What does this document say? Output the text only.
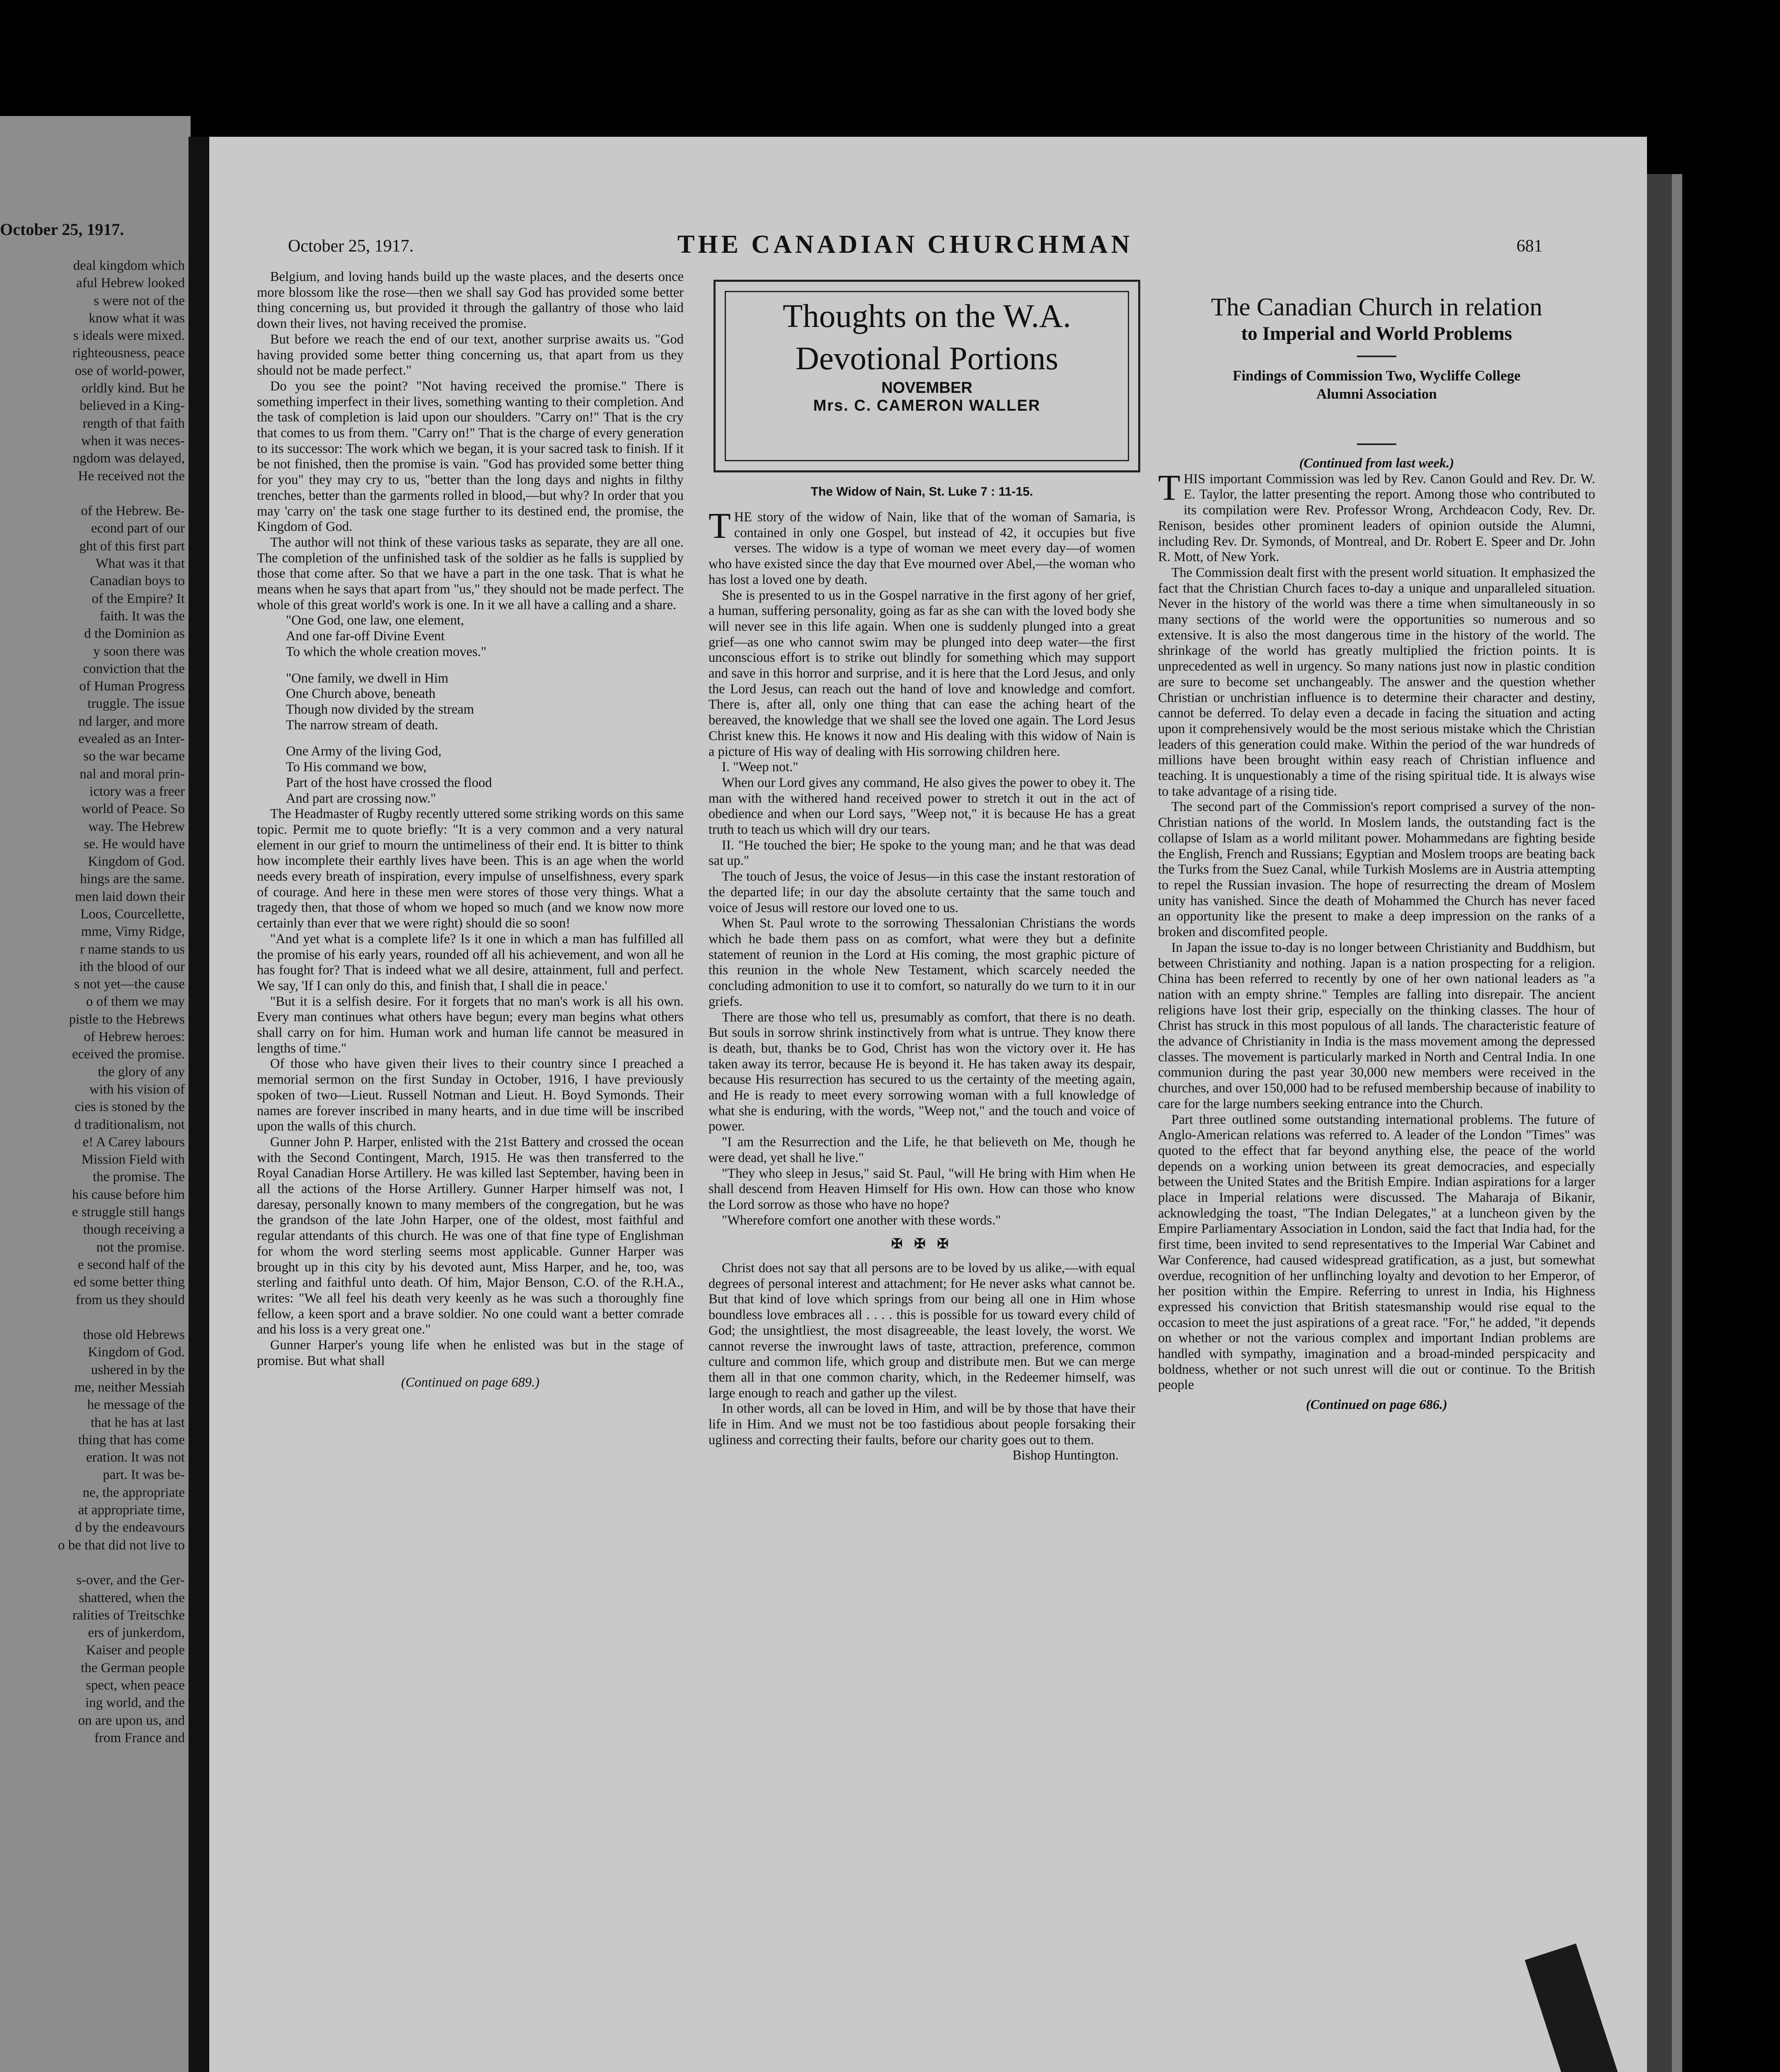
October 25, 1917.
deal kingdom which
aful Hebrew looked
s were not of the
know what it was
s ideals were mixed.
righteousness, peace
ose of world-power,
orldly kind. But he
believed in a King-
rength of that faith
when it was neces-
ngdom was delayed,
He received not the

of the Hebrew. Be-
econd part of our
ght of this first part
What was it that
Canadian boys to
of the Empire? It
faith. It was the
d the Dominion as
y soon there was
conviction that the
of Human Progress
truggle. The issue
nd larger, and more
evealed as an Inter-
so the war became
nal and moral prin-
ictory was a freer
world of Peace. So
way. The Hebrew
se. He would have
Kingdom of God.
hings are the same.
men laid down their
Loos, Courcellette,
mme, Vimy Ridge,
r name stands to us
ith the blood of our
s not yet—the cause
o of them we may
pistle to the Hebrews
of Hebrew heroes:
eceived the promise.
the glory of any
with his vision of
cies is stoned by the
d traditionalism, not
e! A Carey labours
Mission Field with
the promise. The
his cause before him
e struggle still hangs
though receiving a
not the promise.
e second half of the
ed some better thing
from us they should

those old Hebrews
Kingdom of God.
ushered in by the
me, neither Messiah
he message of the
that he has at last
thing that has come
eration. It was not
part. It was be-
ne, the appropriate
at appropriate time,
d by the endeavours
o be that did not live to

s-over, and the Ger-
shattered, when the
ralities of Treitschke
ers of junkerdom,
Kaiser and people
the German people
spect, when peace
ing world, and the
on are upon us, and
from France and
October 25, 1917.	THE CANADIAN CHURCHMAN	681

Belgium, and loving hands build up the waste places, and the deserts once more blossom like the rose—then we shall say God has provided some better thing concerning us, but provided it through the gallantry of those who laid down their lives, not having received the promise.

But before we reach the end of our text, another surprise awaits us. "God having provided some better thing concerning us, that apart from us they should not be made perfect."

Do you see the point? "Not having received the promise." There is something imperfect in their lives, something wanting to their completion. And the task of completion is laid upon our shoulders. "Carry on!" That is the cry that comes to us from them. "Carry on!" That is the charge of every generation to its successor: The work which we began, it is your sacred task to finish. If it be not finished, then the promise is vain. "God has provided some better thing for you" they may cry to us, "better than the long days and nights in filthy trenches, better than the garments rolled in blood,—but why? In order that you may 'carry on' the task one stage further to its destined end, the promise, the Kingdom of God.

The author will not think of these various tasks as separate, they are all one. The completion of the unfinished task of the soldier as he falls is supplied by those that come after. So that we have a part in the one task. That is what he means when he says that apart from "us," they should not be made perfect. The whole of this great world's work is one. In it we all have a calling and a share.

"One God, one law, one element,

And one far-off Divine Event

To which the whole creation moves."

"One family, we dwell in Him

One Church above, beneath

Though now divided by the stream

The narrow stream of death.

One Army of the living God,

To His command we bow,

Part of the host have crossed the flood

And part are crossing now."

The Headmaster of Rugby recently uttered some striking words on this same topic. Permit me to quote briefly: "It is a very common and a very natural element in our grief to mourn the untimeliness of their end. It is bitter to think how incomplete their earthly lives have been. This is an age when the world needs every breath of inspiration, every impulse of unselfishness, every spark of courage. And here in these men were stores of those very things. What a tragedy then, that those of whom we hoped so much (and we know now more certainly than ever that we were right) should die so soon!

"And yet what is a complete life? Is it one in which a man has fulfilled all the promise of his early years, rounded off all his achievement, and won all he has fought for? That is indeed what we all desire, attainment, full and perfect. We say, 'If I can only do this, and finish that, I shall die in peace.'

"But it is a selfish desire. For it forgets that no man's work is all his own. Every man continues what others have begun; every man begins what others shall carry on for him. Human work and human life cannot be measured in lengths of time."

Of those who have given their lives to their country since I preached a memorial sermon on the first Sunday in October, 1916, I have previously spoken of two—Lieut. Russell Notman and Lieut. H. Boyd Symonds. Their names are forever inscribed in many hearts, and in due time will be inscribed upon the walls of this church.

Gunner John P. Harper, enlisted with the 21st Battery and crossed the ocean with the Second Contingent, March, 1915. He was then transferred to the Royal Canadian Horse Artillery. He was killed last September, having been in all the actions of the Horse Artillery. Gunner Harper himself was not, I daresay, personally known to many members of the congregation, but he was the grandson of the late John Harper, one of the oldest, most faithful and regular attendants of this church. He was one of that fine type of Englishman for whom the word sterling seems most applicable. Gunner Harper was brought up in this city by his devoted aunt, Miss Harper, and he, too, was sterling and faithful unto death. Of him, Major Benson, C.O. of the R.H.A., writes: "We all feel his death very keenly as he was such a thoroughly fine fellow, a keen sport and a brave soldier. No one could want a better comrade and his loss is a very great one."

Gunner Harper's young life when he enlisted was but in the stage of promise. But what shall

(Continued on page 689.)

Thoughts on the W.A.
Devotional Portions
NOVEMBER
Mrs. C. CAMERON WALLER
The Widow of Nain, St. Luke 7 : 11-15.

THE story of the widow of Nain, like that of the woman of Samaria, is contained in only one Gospel, but instead of 42, it occupies but five verses. The widow is a type of woman we meet every day—of women who have existed since the day that Eve mourned over Abel,—the woman who has lost a loved one by death.

She is presented to us in the Gospel narrative in the first agony of her grief, a human, suffering personality, going as far as she can with the loved body she will never see in this life again. When one is suddenly plunged into a great grief—as one who cannot swim may be plunged into deep water—the first unconscious effort is to strike out blindly for something which may support and save in this horror and surprise, and it is here that the Lord Jesus, and only the Lord Jesus, can reach out the hand of love and knowledge and comfort. There is, after all, only one thing that can ease the aching heart of the bereaved, the knowledge that we shall see the loved one again. The Lord Jesus Christ knew this. He knows it now and His dealing with this widow of Nain is a picture of His way of dealing with His sorrowing children here.

I. "Weep not."

When our Lord gives any command, He also gives the power to obey it. The man with the withered hand received power to stretch it out in the act of obedience and when our Lord says, "Weep not," it is because He has a great truth to teach us which will dry our tears.

II. "He touched the bier; He spoke to the young man; and he that was dead sat up."

The touch of Jesus, the voice of Jesus—in this case the instant restoration of the departed life; in our day the absolute certainty that the same touch and voice of Jesus will restore our loved one to us.

When St. Paul wrote to the sorrowing Thessalonian Christians the words which he bade them pass on as comfort, what were they but a definite statement of reunion in the Lord at His coming, the most graphic picture of this reunion in the whole New Testament, which scarcely needed the concluding admonition to use it to comfort, so naturally do we turn to it in our griefs.

There are those who tell us, presumably as comfort, that there is no death. But souls in sorrow shrink instinctively from what is untrue. They know there is death, but, thanks be to God, Christ has won the victory over it. He has taken away its terror, because He is beyond it. He has taken away its despair, because His resurrection has secured to us the certainty of the meeting again, and He is ready to meet every sorrowing woman with a full knowledge of what she is enduring, with the words, "Weep not," and the touch and voice of power.

"I am the Resurrection and the Life, he that believeth on Me, though he were dead, yet shall he live."

"They who sleep in Jesus," said St. Paul, "will He bring with Him when He shall descend from Heaven Himself for His own. How can those who know the Lord sorrow as those who have no hope?

"Wherefore comfort one another with these words."

✠ ✠ ✠

Christ does not say that all persons are to be loved by us alike,—with equal degrees of personal interest and attachment; for He never asks what cannot be. But that kind of love which springs from our being all one in Him whose boundless love embraces all . . . . this is possible for us toward every child of God; the unsightliest, the most disagreeable, the least lovely, the worst. We cannot reverse the inwrought laws of taste, attraction, preference, common culture and common life, which group and distribute men. But we can merge them all in that one common charity, which, in the Redeemer himself, was large enough to reach and gather up the vilest.

In other words, all can be loved in Him, and will be by those that have their life in Him. And we must not be too fastidious about people forsaking their ugliness and correcting their faults, before our charity goes out to them.

Bishop Huntington.

The Canadian Church in relation
to Imperial and World Problems
Findings of Commission Two, Wycliffe College
Alumni Association

(Continued from last week.)

THIS important Commission was led by Rev. Canon Gould and Rev. Dr. W. E. Taylor, the latter presenting the report. Among those who contributed to its compilation were Rev. Professor Wrong, Archdeacon Cody, Rev. Dr. Renison, besides other prominent leaders of opinion outside the Alumni, including Rev. Dr. Symonds, of Montreal, and Dr. Robert E. Speer and Dr. John R. Mott, of New York.

The Commission dealt first with the present world situation. It emphasized the fact that the Christian Church faces to-day a unique and unparalleled situation. Never in the history of the world was there a time when simultaneously in so many sections of the world were the opportunities so numerous and so extensive. It is also the most dangerous time in the history of the world. The shrinkage of the world has greatly multiplied the friction points. It is unprecedented as well in urgency. So many nations just now in plastic condition are sure to become set unchangeably. The answer and the question whether Christian or unchristian influence is to determine their character and destiny, cannot be deferred. To delay even a decade in facing the situation and acting upon it comprehensively would be the most serious mistake which the Christian leaders of this generation could make. Within the period of the war hundreds of millions have been brought within easy reach of Christian influence and teaching. It is unquestionably a time of the rising spiritual tide. It is always wise to take advantage of a rising tide.

The second part of the Commission's report comprised a survey of the non-Christian nations of the world. In Moslem lands, the outstanding fact is the collapse of Islam as a world militant power. Mohammedans are fighting beside the English, French and Russians; Egyptian and Moslem troops are beating back the Turks from the Suez Canal, while Turkish Moslems are in Austria attempting to repel the Russian invasion. The hope of resurrecting the dream of Moslem unity has vanished. Since the death of Mohammed the Church has never faced an opportunity like the present to make a deep impression on the ranks of a broken and discomfited people.

In Japan the issue to-day is no longer between Christianity and Buddhism, but between Christianity and nothing. Japan is a nation prospecting for a religion. China has been referred to recently by one of her own national leaders as "a nation with an empty shrine." Temples are falling into disrepair. The ancient religions have lost their grip, especially on the thinking classes. The hour of Christ has struck in this most populous of all lands. The characteristic feature of the advance of Christianity in India is the mass movement among the depressed classes. The movement is particularly marked in North and Central India. In one communion during the past year 30,000 new members were received in the churches, and over 150,000 had to be refused membership because of inability to care for the large numbers seeking entrance into the Church.

Part three outlined some outstanding international problems. The future of Anglo-American relations was referred to. A leader of the London "Times" was quoted to the effect that far beyond anything else, the peace of the world depends on a working union between its great democracies, and especially between the United States and the British Empire. Indian aspirations for a larger place in Imperial relations were discussed. The Maharaja of Bikanir, acknowledging the toast, "The Indian Delegates," at a luncheon given by the Empire Parliamentary Association in London, said the fact that India had, for the first time, been invited to send representatives to the Imperial War Cabinet and War Conference, had caused widespread gratification, as a just, but somewhat overdue, recognition of her unflinching loyalty and devotion to her Emperor, of her position within the Empire. Referring to unrest in India, his Highness expressed his conviction that British statesmanship would rise equal to the occasion to meet the just aspirations of a great race. "For," he added, "it depends on whether or not the various complex and important Indian problems are handled with sympathy, imagination and a broad-minded perspicacity and boldness, whether or not such unrest will die out or continue. To the British people

(Continued on page 686.)
